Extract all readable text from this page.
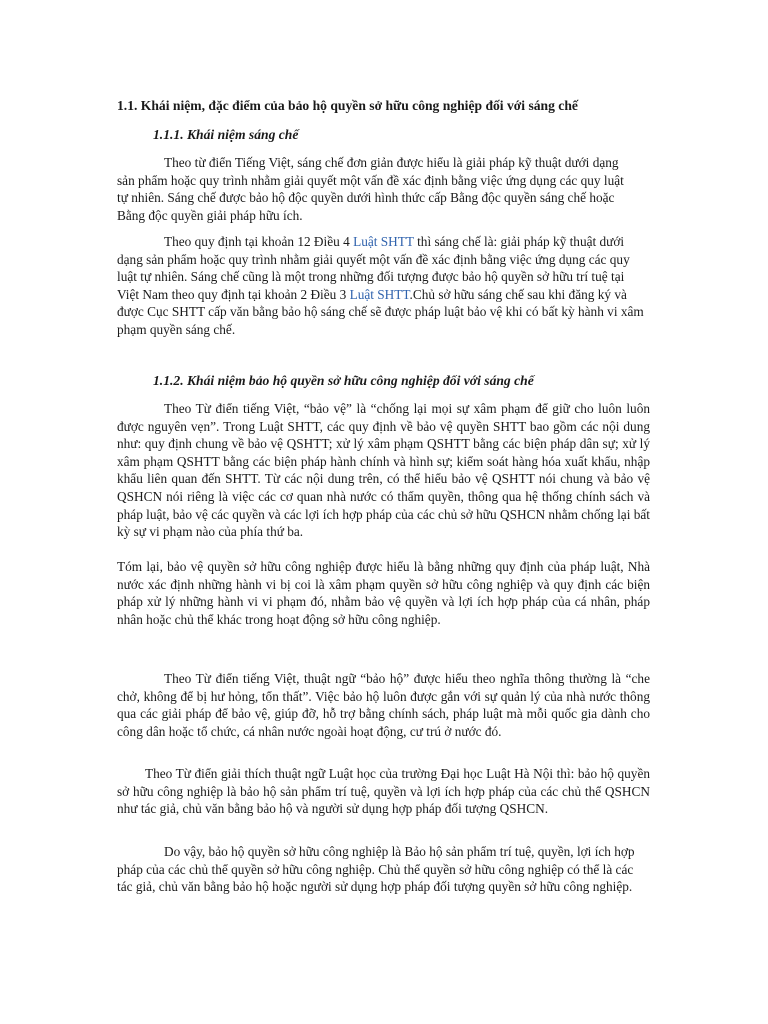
1.1. Khái niệm, đặc điểm của bảo hộ quyền sở hữu công nghiệp đối với sáng chế
1.1.1. Khái niệm sáng chế

Theo từ điển Tiếng Việt, sáng chế đơn giản được hiểu là giải pháp kỹ thuật dưới dạng sản phẩm hoặc quy trình nhằm giải quyết một vấn đề xác định bằng việc ứng dụng các quy luật tự nhiên. Sáng chế được bảo hộ độc quyền dưới hình thức cấp Bằng độc quyền sáng chế hoặc Bằng độc quyền giải pháp hữu ích.

Theo quy định tại khoản 12 Điều 4 Luật SHTT thì sáng chế là: giải pháp kỹ thuật dưới dạng sản phẩm hoặc quy trình nhằm giải quyết một vấn đề xác định bằng việc ứng dụng các quy luật tự nhiên. Sáng chế cũng là một trong những đối tượng được bảo hộ quyền sở hữu trí tuệ tại Việt Nam theo quy định tại khoản 2 Điều 3 Luật SHTT.Chủ sở hữu sáng chế sau khi đăng ký và được Cục SHTT cấp văn bằng bảo hộ sáng chế sẽ được pháp luật bảo vệ khi có bất kỳ hành vi xâm phạm quyền sáng chế.

1.1.2. Khái niệm bảo hộ quyền sở hữu công nghiệp đối với sáng chế

Theo Từ điển tiếng Việt, “bảo vệ” là “chống lại mọi sự xâm phạm để giữ cho luôn luôn được nguyên vẹn”. Trong Luật SHTT, các quy định về bảo vệ quyền SHTT bao gồm các nội dung như: quy định chung về bảo vệ QSHTT; xử lý xâm phạm QSHTT bằng các biện pháp dân sự; xử lý xâm phạm QSHTT bằng các biện pháp hành chính và hình sự; kiểm soát hàng hóa xuất khẩu, nhập khẩu liên quan đến SHTT. Từ các nội dung trên, có thể hiểu bảo vệ QSHTT nói chung và bảo vệ QSHCN nói riêng là việc các cơ quan nhà nước có thẩm quyền, thông qua hệ thống chính sách và pháp luật, bảo vệ các quyền và các lợi ích hợp pháp của các chủ sở hữu QSHCN nhằm chống lại bất kỳ sự vi phạm nào của phía thứ ba.

Tóm lại, bảo vệ quyền sở hữu công nghiệp được hiểu là bằng những quy định của pháp luật, Nhà nước xác định những hành vi bị coi là xâm phạm quyền sở hữu công nghiệp và quy định các biện pháp xử lý những hành vi vi phạm đó, nhằm bảo vệ quyền và lợi ích hợp pháp của cá nhân, pháp nhân hoặc chủ thể khác trong hoạt động sở hữu công nghiệp.

Theo Từ điển tiếng Việt, thuật ngữ “bảo hộ” được hiểu theo nghĩa thông thường là “che chở, không để bị hư hỏng, tổn thất”. Việc bảo hộ luôn được gắn với sự quản lý của nhà nước thông qua các giải pháp để bảo vệ, giúp đỡ, hỗ trợ bằng chính sách, pháp luật mà mỗi quốc gia dành cho công dân hoặc tổ chức, cá nhân nước ngoài hoạt động, cư trú ở nước đó.

Theo Từ điển giải thích thuật ngữ Luật học của trường Đại học Luật Hà Nội thì: bảo hộ quyền sở hữu công nghiệp là bảo hộ sản phẩm trí tuệ, quyền và lợi ích hợp pháp của các chủ thể QSHCN như tác giả, chủ văn bằng bảo hộ và người sử dụng hợp pháp đối tượng QSHCN.

Do vậy, bảo hộ quyền sở hữu công nghiệp là Bảo hộ sản phẩm trí tuệ, quyền, lợi ích hợp pháp của các chủ thể quyền sở hữu công nghiệp. Chủ thể quyền sở hữu công nghiệp có thể là các tác giả, chủ văn bằng bảo hộ hoặc người sử dụng hợp pháp đối tượng quyền sở hữu công nghiệp.
